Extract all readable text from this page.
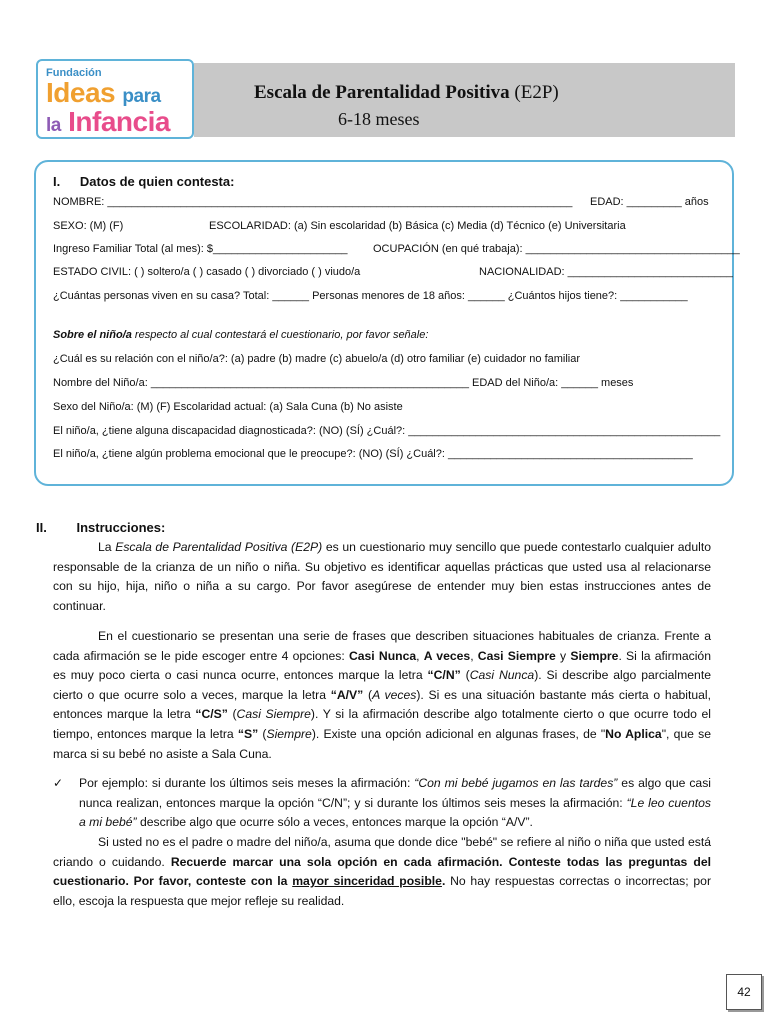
Fundación
Ideas para
la Infancia
Escala de Parentalidad Positiva (E2P)
6-18 meses
I. Datos de quien contesta:
NOMBRE: ____________________________________________________________________________ EDAD: _________ años
SEXO: (M) (F)	ESCOLARIDAD: (a) Sin escolaridad (b) Básica (c) Media (d) Técnico (e) Universitaria
Ingreso Familiar Total (al mes): $______________________ OCUPACIÓN (en qué trabaja): ___________________________________
ESTADO CIVIL: ( ) soltero/a ( ) casado ( ) divorciado ( ) viudo/a	NACIONALIDAD: ___________________________
¿Cuántas personas viven en su casa? Total: ______ Personas menores de 18 años: ______ ¿Cuántos hijos tiene?: ___________
Sobre el niño/a respecto al cual contestará el cuestionario, por favor señale:
¿Cuál es su relación con el niño/a?: (a) padre (b) madre (c) abuelo/a (d) otro familiar (e) cuidador no familiar
Nombre del Niño/a: ____________________________________________________ EDAD del Niño/a: ______ meses
Sexo del Niño/a: (M) (F) Escolaridad actual: (a) Sala Cuna (b) No asiste
El niño/a, ¿tiene alguna discapacidad diagnosticada?: (NO) (SÍ) ¿Cuál?: ___________________________________________________
El niño/a, ¿tiene algún problema emocional que le preocupe?: (NO) (SÍ) ¿Cuál?: ________________________________________
II. Instrucciones:
La Escala de Parentalidad Positiva (E2P) es un cuestionario muy sencillo que puede contestarlo cualquier adulto responsable de la crianza de un niño o niña. Su objetivo es identificar aquellas prácticas que usted usa al relacionarse con su hijo, hija, niño o niña a su cargo. Por favor asegúrese de entender muy bien estas instrucciones antes de continuar.
En el cuestionario se presentan una serie de frases que describen situaciones habituales de crianza. Frente a cada afirmación se le pide escoger entre 4 opciones: Casi Nunca, A veces, Casi Siempre y Siempre. Si la afirmación es muy poco cierta o casi nunca ocurre, entonces marque la letra “C/N” (Casi Nunca). Si describe algo parcialmente cierto o que ocurre solo a veces, marque la letra “A/V” (A veces). Si es una situación bastante más cierta o habitual, entonces marque la letra “C/S” (Casi Siempre). Y si la afirmación describe algo totalmente cierto o que ocurre todo el tiempo, entonces marque la letra “S” (Siempre). Existe una opción adicional en algunas frases, de "No Aplica", que se marca si su bebé no asiste a Sala Cuna.
✓ Por ejemplo: si durante los últimos seis meses la afirmación: “Con mi bebé jugamos en las tardes” es algo que casi nunca realizan, entonces marque la opción “C/N”; y si durante los últimos seis meses la afirmación: “Le leo cuentos a mi bebé” describe algo que ocurre sólo a veces, entonces marque la opción “A/V”.
Si usted no es el padre o madre del niño/a, asuma que donde dice "bebé" se refiere al niño o niña que usted está criando o cuidando. Recuerde marcar una sola opción en cada afirmación. Conteste todas las preguntas del cuestionario. Por favor, conteste con la mayor sinceridad posible. No hay respuestas correctas o incorrectas; por ello, escoja la respuesta que mejor refleje su realidad.
42
